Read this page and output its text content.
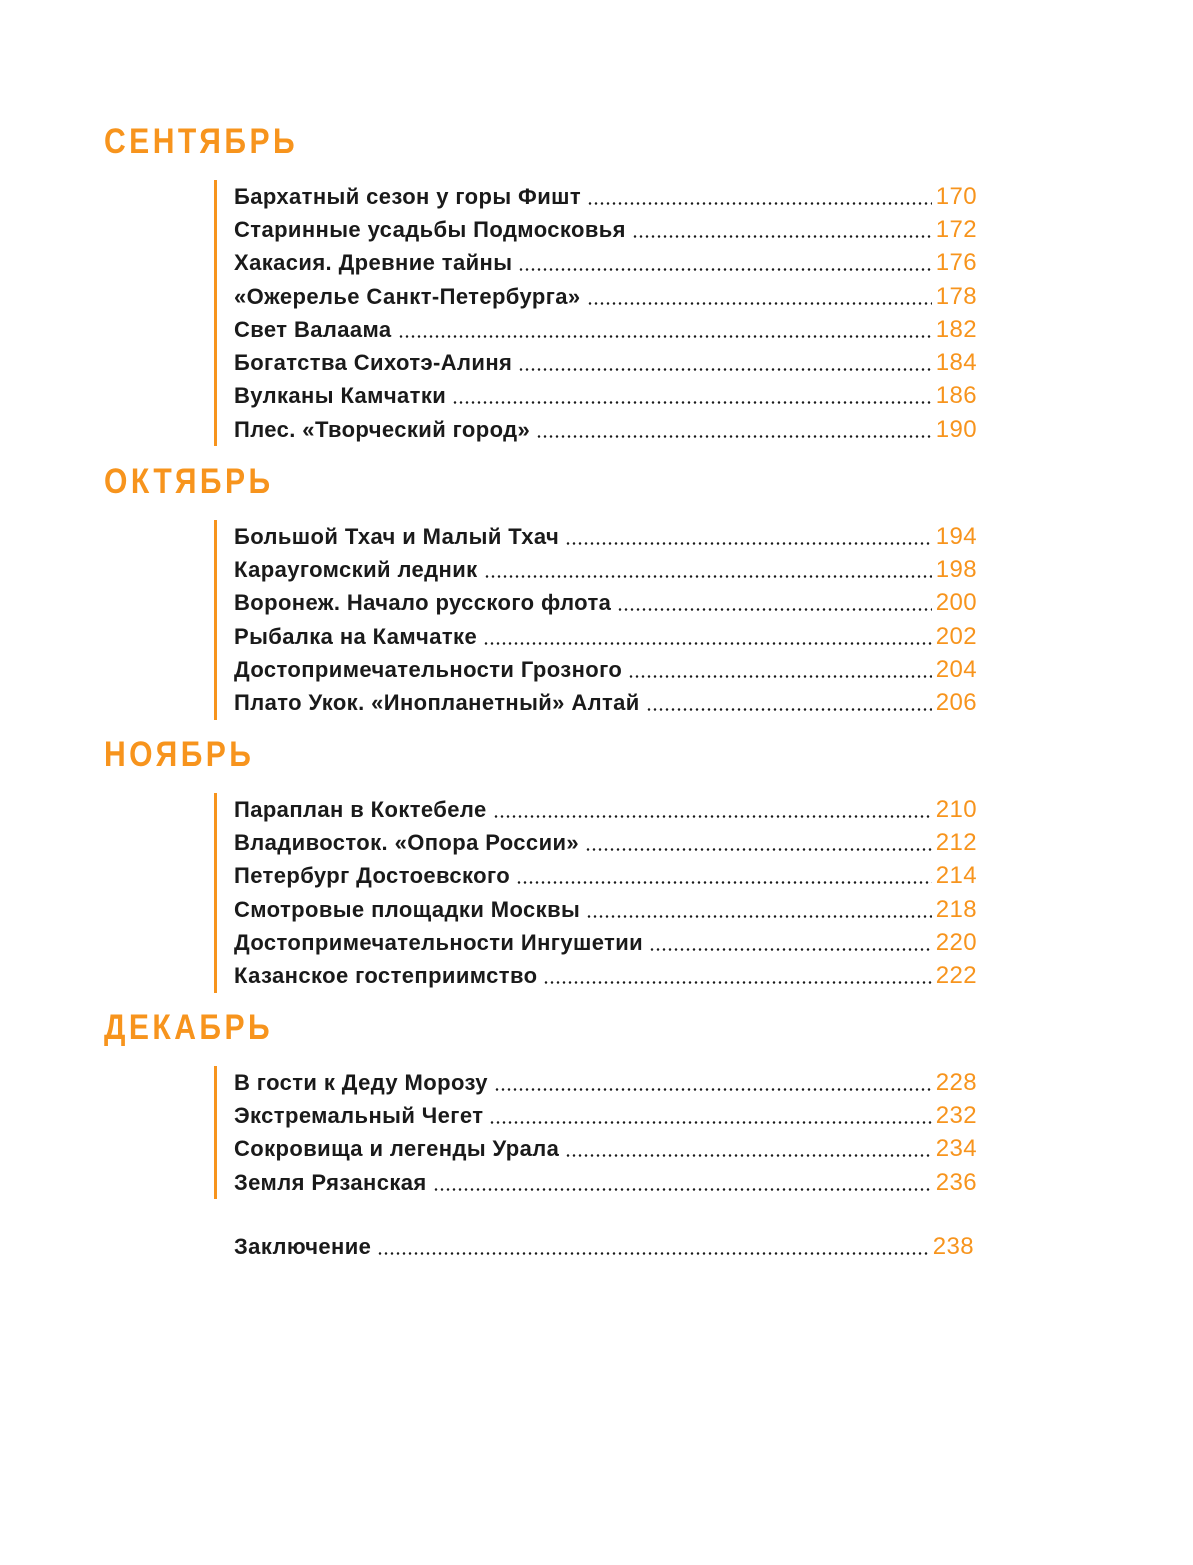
СЕНТЯБРЬ
Бархатный сезон у горы Фишт	170
Старинные усадьбы Подмосковья	172
Хакасия. Древние тайны	176
«Ожерелье Санкт-Петербурга»	178
Свет Валаама	182
Богатства Сихотэ-Алиня	184
Вулканы Камчатки	186
Плес. «Творческий город»	190
ОКТЯБРЬ
Большой Тхач и Малый Тхач	194
Караугомский ледник	198
Воронеж. Начало русского флота	200
Рыбалка на Камчатке	202
Достопримечательности Грозного	204
Плато Укок. «Инопланетный» Алтай	206
НОЯБРЬ
Параплан в Коктебеле	210
Владивосток. «Опора России»	212
Петербург Достоевского	214
Смотровые площадки Москвы	218
Достопримечательности Ингушетии	220
Казанское гостеприимство	222
ДЕКАБРЬ
В гости к Деду Морозу	228
Экстремальный Чегет	232
Сокровища и легенды Урала	234
Земля Рязанская	236
Заключение	238
